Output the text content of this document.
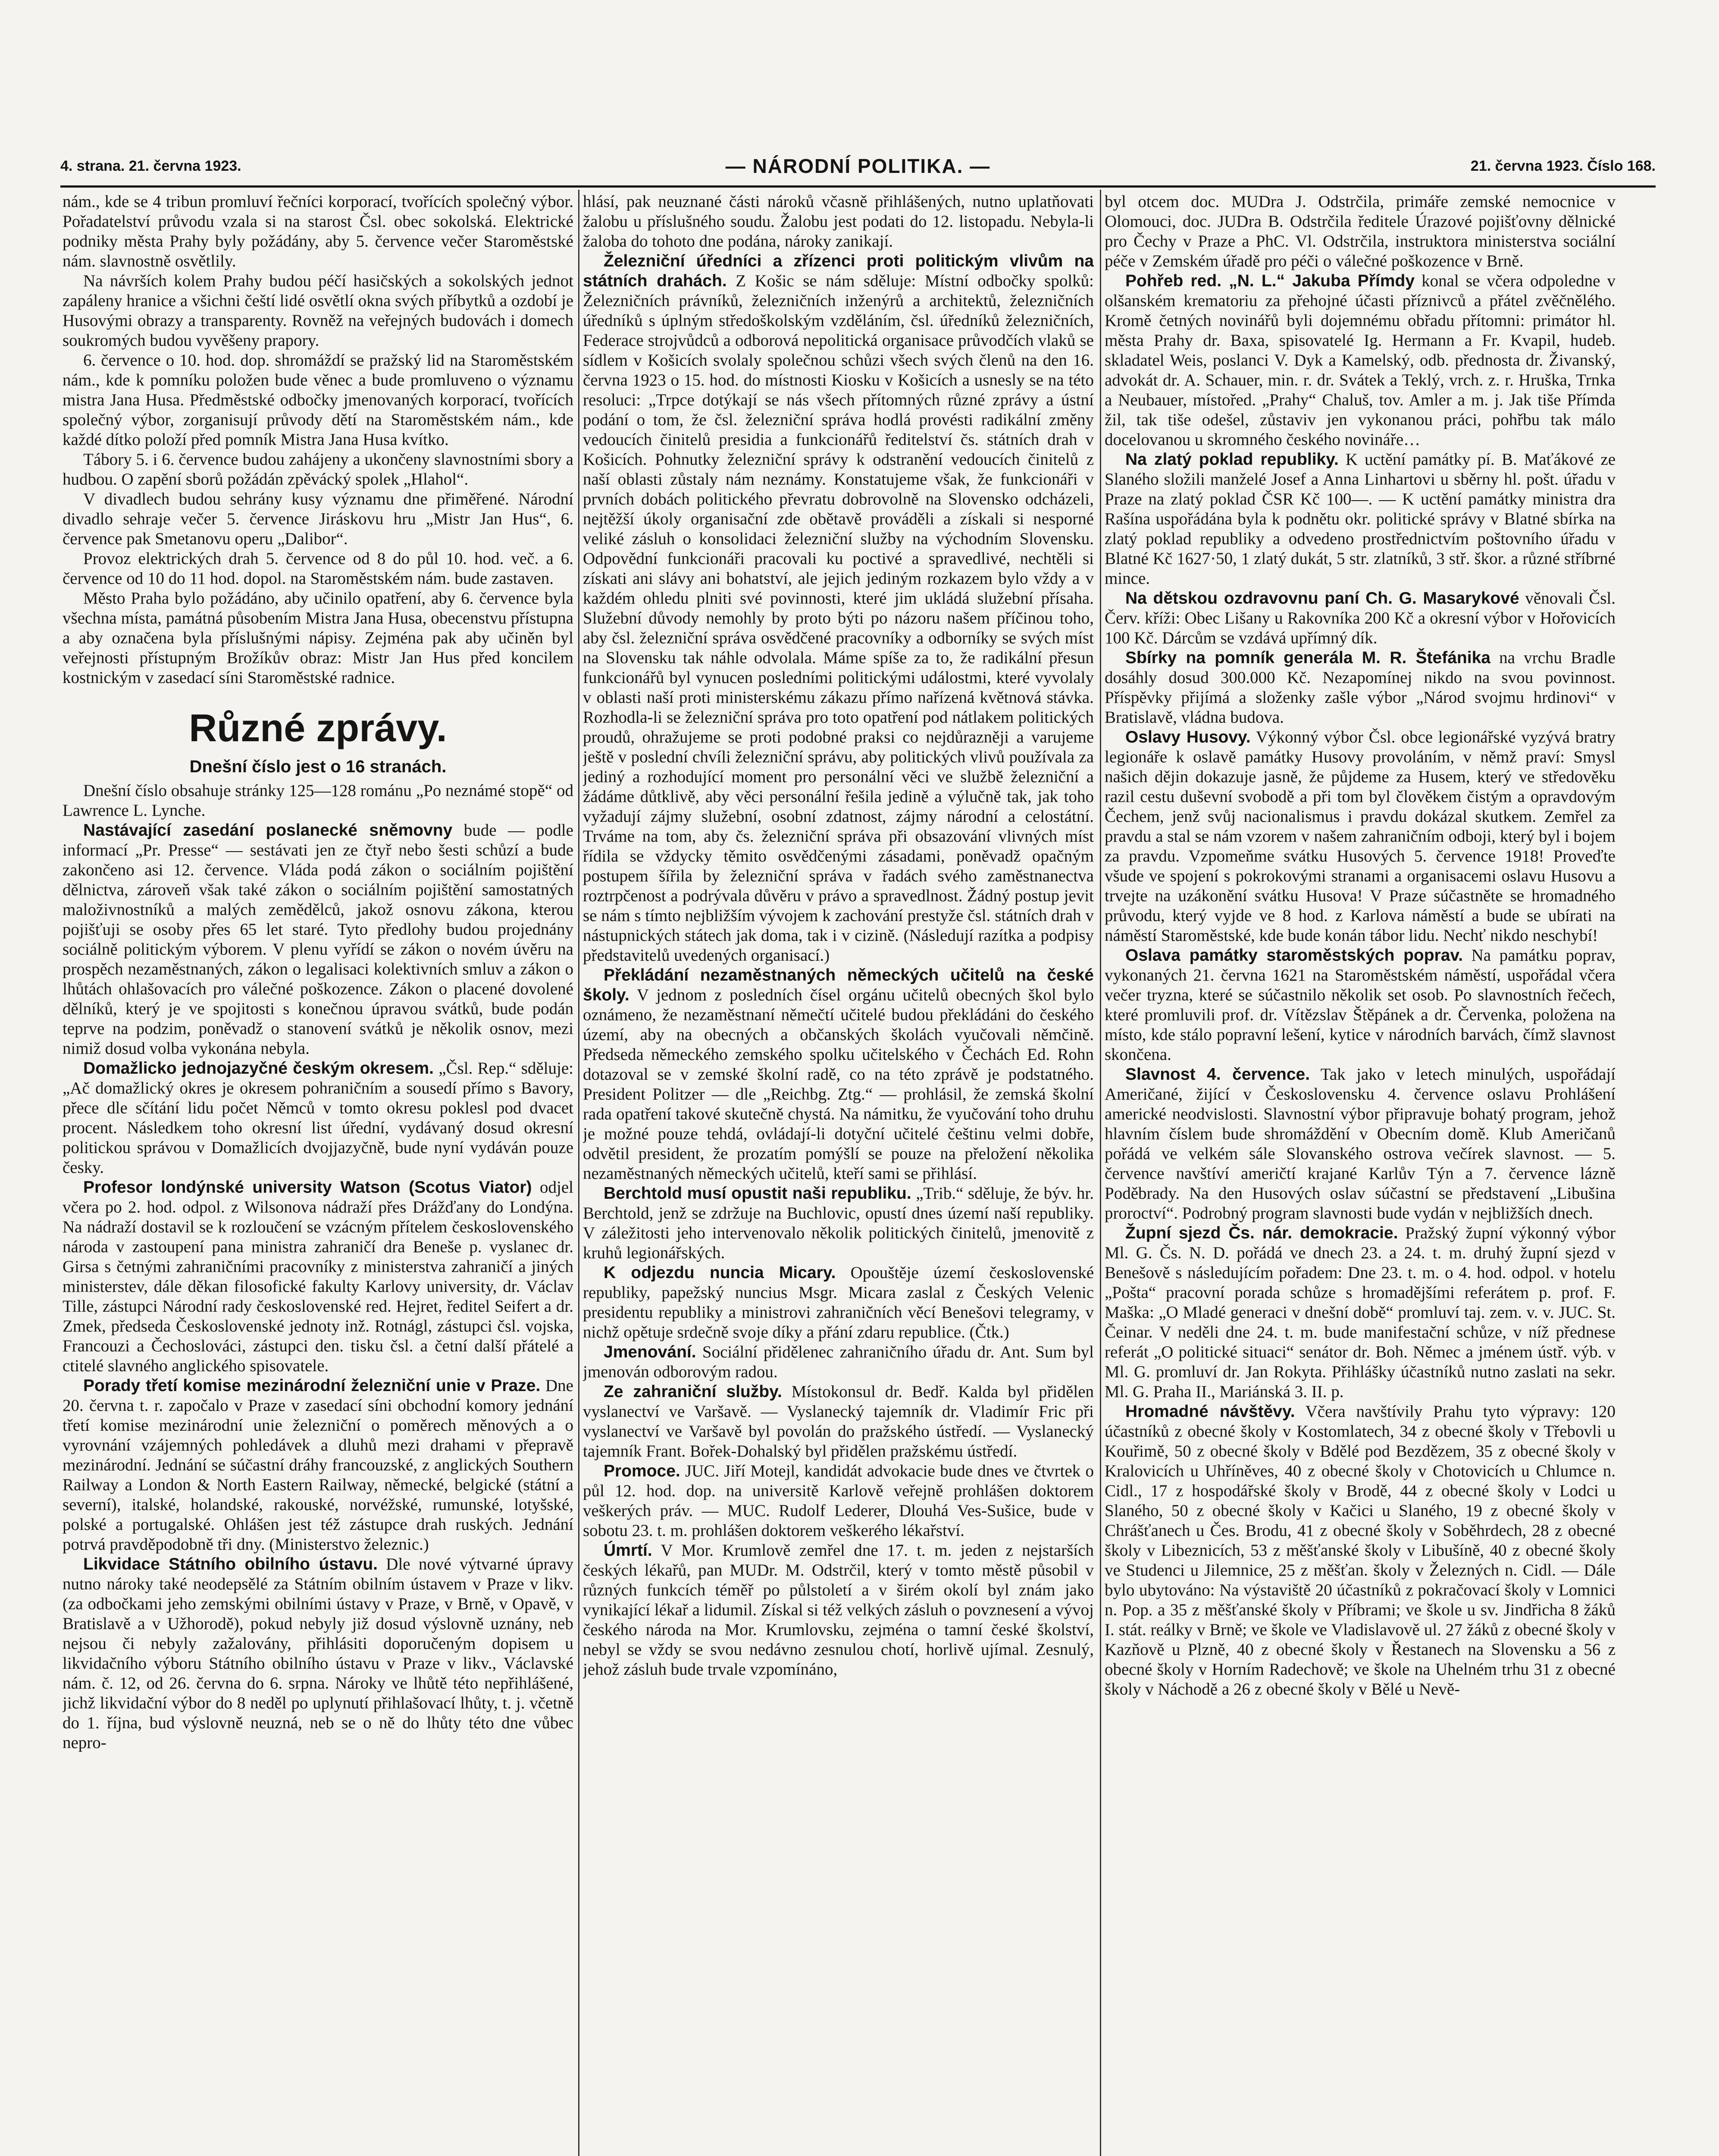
4. strana. 21. června 1923.	— NÁRODNÍ POLITIKA. —	21. června 1923. Číslo 168.

nám., kde se 4 tribun promluví řečníci korporací, tvořících společný výbor. Pořadatelství průvodu vzala si na starost Čsl. obec sokolská. Elektrické podniky města Prahy byly požádány, aby 5. července večer Staroměstské nám. slavnostně osvětlily.

Na návrších kolem Prahy budou péčí hasičských a sokolských jednot zapáleny hranice a všichni čeští lidé osvětlí okna svých příbytků a ozdobí je Husovými obrazy a transparenty. Rovněž na veřejných budovách i domech soukromých budou vyvěšeny prapory.

6. července o 10. hod. dop. shromáždí se pražský lid na Staroměstském nám., kde k pomníku položen bude věnec a bude promluveno o významu mistra Jana Husa. Předměstské odbočky jmenovaných korporací, tvořících společný výbor, zorganisují průvody dětí na Staroměstském nám., kde každé dítko položí před pomník Mistra Jana Husa kvítko.

Tábory 5. i 6. července budou zahájeny a ukončeny slavnostními sbory a hudbou. O zapění sborů požádán zpěvácký spolek „Hlahol“.

V divadlech budou sehrány kusy významu dne přiměřené. Národní divadlo sehraje večer 5. července Jiráskovu hru „Mistr Jan Hus“, 6. července pak Smetanovu operu „Dalibor“.

Provoz elektrických drah 5. července od 8 do půl 10. hod. več. a 6. července od 10 do 11 hod. dopol. na Staroměstském nám. bude zastaven.

Město Praha bylo požádáno, aby učinilo opatření, aby 6. července byla všechna místa, památná působením Mistra Jana Husa, obecenstvu přístupna a aby označena byla příslušnými nápisy. Zejména pak aby učiněn byl veřejnosti přístupným Brožíkův obraz: Mistr Jan Hus před koncilem kostnickým v zasedací síni Staroměstské radnice.

Různé zprávy.
Dnešní číslo jest o 16 stranách.

Dnešní číslo obsahuje stránky 125—128 románu „Po neznámé stopě“ od Lawrence L. Lynche.

Nastávající zasedání poslanecké sněmovny bude — podle informací „Pr. Presse“ — sestávati jen ze čtyř nebo šesti schůzí a bude zakončeno asi 12. července. Vláda podá zákon o sociálním pojištění dělnictva, zároveň však také zákon o sociálním pojištění samostatných maloživnostníků a malých zemědělců, jakož osnovu zákona, kterou pojišťuji se osoby přes 65 let staré. Tyto předlohy budou projednány sociálně politickým výborem. V plenu vyřídí se zákon o novém úvěru na prospěch nezaměstnaných, zákon o legalisaci kolektivních smluv a zákon o lhůtách ohlašovacích pro válečné poškozence. Zákon o placené dovolené dělníků, který je ve spojitosti s konečnou úpravou svátků, bude podán teprve na podzim, poněvadž o stanovení svátků je několik osnov, mezi nimiž dosud volba vykonána nebyla.

Domažlicko jednojazyčné českým okresem. „Čsl. Rep.“ sděluje: „Ač domažlický okres je okresem pohraničním a sousedí přímo s Bavory, přece dle sčítání lidu počet Němců v tomto okresu poklesl pod dvacet procent. Následkem toho okresní list úřední, vydávaný dosud okresní politickou správou v Domažlicích dvojjazyčně, bude nyní vydáván pouze česky.

Profesor londýnské university Watson (Scotus Viator) odjel včera po 2. hod. odpol. z Wilsonova nádraží přes Drážďany do Londýna. Na nádraží dostavil se k rozloučení se vzácným přítelem československého národa v zastoupení pana ministra zahraničí dra Beneše p. vyslanec dr. Girsa s četnými zahraničními pracovníky z ministerstva zahraničí a jiných ministerstev, dále děkan filosofické fakulty Karlovy university, dr. Václav Tille, zástupci Národní rady československé red. Hejret, ředitel Seifert a dr. Zmek, předseda Československé jednoty inž. Rotnágl, zástupci čsl. vojska, Francouzi a Čechoslováci, zástupci den. tisku čsl. a četní další přátelé a ctitelé slavného anglického spisovatele.

Porady třetí komise mezinárodní železniční unie v Praze. Dne 20. června t. r. započalo v Praze v zasedací síni obchodní komory jednání třetí komise mezinárodní unie železniční o poměrech měnových a o vyrovnání vzájemných pohledávek a dluhů mezi drahami v přepravě mezinárodní. Jednání se súčastní dráhy francouzské, z anglických Southern Railway a London & North Eastern Railway, německé, belgické (státní a severní), italské, holandské, rakouské, norvéžské, rumunské, lotyšské, polské a portugalské. Ohlášen jest též zástupce drah ruských. Jednání potrvá pravděpodobně tři dny. (Ministerstvo železnic.)

Likvidace Státního obilního ústavu. Dle nové výtvarné úpravy nutno nároky také neodepsělé za Státním obilním ústavem v Praze v likv. (za odbočkami jeho zemskými obilními ústavy v Praze, v Brně, v Opavě, v Bratislavě a v Užhorodě), pokud nebyly již dosud výslovně uznány, neb nejsou či nebyly zažalovány, přihlásiti doporučeným dopisem u likvidačního výboru Státního obilního ústavu v Praze v likv., Václavské nám. č. 12, od 26. června do 6. srpna. Nároky ve lhůtě této nepřihlášené, jichž likvidační výbor do 8 neděl po uplynutí přihlašovací lhůty, t. j. včetně do 1. října, bud výslovně neuzná, neb se o ně do lhůty této dne vůbec nepro-

hlásí, pak neuznané části nároků včasně přihlášených, nutno uplatňovati žalobu u příslušného soudu. Žalobu jest podati do 12. listopadu. Nebyla-li žaloba do tohoto dne podána, nároky zanikají.

Železniční úředníci a zřízenci proti politickým vlivům na státních drahách. Z Košic se nám sděluje: Místní odbočky spolků: Železničních právníků, železničních inženýrů a architektů, železničních úředníků s úplným středoškolským vzděláním, čsl. úředníků železničních, Federace strojvůdců a odborová nepolitická organisace průvodčích vlaků se sídlem v Košicích svolaly společnou schůzi všech svých členů na den 16. června 1923 o 15. hod. do místnosti Kiosku v Košicích a usnesly se na této resoluci: „Trpce dotýkají se nás všech přítomných různé zprávy a ústní podání o tom, že čsl. železniční správa hodlá provésti radikální změny vedoucích činitelů presidia a funkcionářů ředitelství čs. státních drah v Košicích. Pohnutky železniční správy k odstranění vedoucích činitelů z naší oblasti zůstaly nám neznámy. Konstatujeme však, že funkcionáři v prvních dobách politického převratu dobrovolně na Slovensko odcházeli, nejtěžší úkoly organisační zde obětavě prováděli a získali si nesporné veliké zásluh o konsolidaci železniční služby na východním Slovensku. Odpovědní funkcionáři pracovali ku poctivé a spravedlivé, nechtěli si získati ani slávy ani bohatství, ale jejich jediným rozkazem bylo vždy a v každém ohledu plniti své povinnosti, které jim ukládá služební přísaha. Služební důvody nemohly by proto býti po názoru našem příčinou toho, aby čsl. železniční správa osvědčené pracovníky a odborníky se svých míst na Slovensku tak náhle odvolala. Máme spíše za to, že radikální přesun funkcionářů byl vynucen posledními politickými událostmi, které vyvolaly v oblasti naší proti ministerskému zákazu přímo nařízená květnová stávka. Rozhodla-li se železniční správa pro toto opatření pod nátlakem politických proudů, ohražujeme se proti podobné praksi co nejdůrazněji a varujeme ještě v poslední chvíli železniční správu, aby politických vlivů používala za jediný a rozhodující moment pro personální věci ve službě železniční a žádáme důtklivě, aby věci personální řešila jedině a výlučně tak, jak toho vyžadují zájmy služební, osobní zdatnost, zájmy národní a celostátní. Trváme na tom, aby čs. železniční správa při obsazování vlivných míst řídila se vždycky těmito osvědčenými zásadami, poněvadž opačným postupem šířila by železniční správa v řadách svého zaměstnanectva roztrpčenost a podrývala důvěru v právo a spravedlnost. Žádný postup jevit se nám s tímto nejbližším vývojem k zachování prestyže čsl. státních drah v nástupnických státech jak doma, tak i v cizině. (Následují razítka a podpisy představitelů uvedených organisací.)

Překládání nezaměstnaných německých učitelů na české školy. V jednom z posledních čísel orgánu učitelů obecných škol bylo oznámeno, že nezaměstnaní němečtí učitelé budou překládáni do českého území, aby na obecných a občanských školách vyučovali němčině. Předseda německého zemského spolku učitelského v Čechách Ed. Rohn dotazoval se v zemské školní radě, co na této zprávě je podstatného. President Politzer — dle „Reichbg. Ztg.“ — prohlásil, že zemská školní rada opatření takové skutečně chystá. Na námitku, že vyučování toho druhu je možné pouze tehdá, ovládají-li dotyční učitelé češtinu velmi dobře, odvětil president, že prozatím pomýšlí se pouze na přeložení několika nezaměstnaných německých učitelů, kteří sami se přihlásí.

Berchtold musí opustit naši republiku. „Trib.“ sděluje, že býv. hr. Berchtold, jenž se zdržuje na Buchlovic, opustí dnes území naší republiky. V záležitosti jeho intervenovalo několik politických činitelů, jmenovitě z kruhů legionářských.

K odjezdu nuncia Micary. Opouštěje území československé republiky, papežský nuncius Msgr. Micara zaslal z Českých Velenic presidentu republiky a ministrovi zahraničních věcí Benešovi telegramy, v nichž opětuje srdečně svoje díky a přání zdaru republice. (Čtk.)

Jmenování. Sociální přidělenec zahraničního úřadu dr. Ant. Sum byl jmenován odborovým radou.

Ze zahraniční služby. Místokonsul dr. Bedř. Kalda byl přidělen vyslanectví ve Varšavě. — Vyslanecký tajemník dr. Vladimír Fric při vyslanectví ve Varšavě byl povolán do pražského ústředí. — Vyslanecký tajemník Frant. Bořek-Dohalský byl přidělen pražskému ústředí.

Promoce. JUC. Jiří Motejl, kandidát advokacie bude dnes ve čtvrtek o půl 12. hod. dop. na universitě Karlově veřejně prohlášen doktorem veškerých práv. — MUC. Rudolf Lederer, Dlouhá Ves-Sušice, bude v sobotu 23. t. m. prohlášen doktorem veškerého lékařství.

Úmrtí. V Mor. Krumlově zemřel dne 17. t. m. jeden z nejstarších českých lékařů, pan MUDr. M. Odstrčil, který v tomto městě působil v různých funkcích téměř po půlstoletí a v širém okolí byl znám jako vynikající lékař a lidumil. Získal si též velkých zásluh o povznesení a vývoj českého národa na Mor. Krumlovsku, zejména o tamní české školství, nebyl se vždy se svou nedávno zesnulou chotí, horlivě ujímal. Zesnulý, jehož zásluh bude trvale vzpomínáno,

byl otcem doc. MUDra J. Odstrčila, primáře zemské nemocnice v Olomouci, doc. JUDra B. Odstrčila ředitele Úrazové pojišťovny dělnické pro Čechy v Praze a PhC. Vl. Odstrčila, instruktora ministerstva sociální péče v Zemském úřadě pro péči o válečné poškozence v Brně.

Pohřeb red. „N. L.“ Jakuba Přímdy konal se včera odpoledne v olšanském krematoriu za přehojné účasti příznivců a přátel zvěčnělého. Kromě četných novinářů byli dojemnému obřadu přítomni: primátor hl. města Prahy dr. Baxa, spisovatelé Ig. Hermann a Fr. Kvapil, hudeb. skladatel Weis, poslanci V. Dyk a Kamelský, odb. přednosta dr. Živanský, advokát dr. A. Schauer, min. r. dr. Svátek a Teklý, vrch. z. r. Hruška, Trnka a Neubauer, místořed. „Prahy“ Chaluš, tov. Amler a m. j. Jak tiše Přímda žil, tak tiše odešel, zůstaviv jen vykonanou práci, pohřbu tak málo docelovanou u skromného českého novináře…

Na zlatý poklad republiky. K uctění památky pí. B. Maťákové ze Slaného složili manželé Josef a Anna Linhartovi u sběrny hl. pošt. úřadu v Praze na zlatý poklad ČSR Kč 100—. — K uctění památky ministra dra Rašína uspořádána byla k podnětu okr. politické správy v Blatné sbírka na zlatý poklad republiky a odvedeno prostřednictvím poštovního úřadu v Blatné Kč 1627·50, 1 zlatý dukát, 5 str. zlatníků, 3 stř. škor. a různé stříbrné mince.

Na dětskou ozdravovnu paní Ch. G. Masarykové věnovali Čsl. Červ. kříži: Obec Lišany u Rakovníka 200 Kč a okresní výbor v Hořovicích 100 Kč. Dárcům se vzdává upřímný dík.

Sbírky na pomník generála M. R. Štefánika na vrchu Bradle dosáhly dosud 300.000 Kč. Nezapomínej nikdo na svou povinnost. Příspěvky přijímá a složenky zašle výbor „Národ svojmu hrdinovi“ v Bratislavě, vládna budova.

Oslavy Husovy. Výkonný výbor Čsl. obce legionářské vyzývá bratry legionáře k oslavě památky Husovy provoláním, v němž praví: Smysl našich dějin dokazuje jasně, že půjdeme za Husem, který ve středověku razil cestu duševní svobodě a při tom byl člověkem čistým a opravdovým Čechem, jenž svůj nacionalismus i pravdu dokázal skutkem. Zemřel za pravdu a stal se nám vzorem v našem zahraničním odboji, který byl i bojem za pravdu. Vzpomeňme svátku Husových 5. července 1918! Proveďte všude ve spojení s pokrokovými stranami a organisacemi oslavu Husovu a trvejte na uzákonění svátku Husova! V Praze súčastněte se hromadného průvodu, který vyjde ve 8 hod. z Karlova náměstí a bude se ubírati na náměstí Staroměstské, kde bude konán tábor lidu. Nechť nikdo neschybí!

Oslava památky staroměstských poprav. Na památku poprav, vykonaných 21. června 1621 na Staroměstském náměstí, uspořádal včera večer tryzna, které se súčastnilo několik set osob. Po slavnostních řečech, které promluvili prof. dr. Vítězslav Štěpánek a dr. Červenka, položena na místo, kde stálo popravní lešení, kytice v národních barvách, čímž slavnost skončena.

Slavnost 4. července. Tak jako v letech minulých, uspořádají Američané, žijící v Československu 4. července oslavu Prohlášení americké neodvislosti. Slavnostní výbor připravuje bohatý program, jehož hlavním číslem bude shromáždění v Obecním domě. Klub Američanů pořádá ve velkém sále Slovanského ostrova večírek slavnost. — 5. července navštíví američtí krajané Karlův Týn a 7. července lázně Poděbrady. Na den Husových oslav súčastní se představení „Libušina proroctví“. Podrobný program slavnosti bude vydán v nejbližších dnech.

Župní sjezd Čs. nár. demokracie. Pražský župní výkonný výbor Ml. G. Čs. N. D. pořádá ve dnech 23. a 24. t. m. druhý župní sjezd v Benešově s následujícím pořadem: Dne 23. t. m. o 4. hod. odpol. v hotelu „Pošta“ pracovní porada schůze s hromadějšími referátem p. prof. F. Maška: „O Mladé generaci v dnešní době“ promluví taj. zem. v. v. JUC. St. Čeinar. V neděli dne 24. t. m. bude manifestační schůze, v níž přednese referát „O politické situaci“ senátor dr. Boh. Němec a jménem ústř. výb. v Ml. G. promluví dr. Jan Rokyta. Přihlášky účastníků nutno zaslati na sekr. Ml. G. Praha II., Mariánská 3. II. p.

Hromadné návštěvy. Včera navštívily Prahu tyto výpravy: 120 účastníků z obecné školy v Kostomlatech, 34 z obecné školy v Třebovli u Kouřimě, 50 z obecné školy v Bdělé pod Bezdězem, 35 z obecné školy v Kralovicích u Uhříněves, 40 z obecné školy v Chotovicích u Chlumce n. Cidl., 17 z hospodářské školy v Brodě, 44 z obecné školy v Lodci u Slaného, 50 z obecné školy v Kačici u Slaného, 19 z obecné školy v Chrášťanech u Čes. Brodu, 41 z obecné školy v Soběhrdech, 28 z obecné školy v Libeznicích, 53 z měšťanské školy v Libušíně, 40 z obecné školy ve Studenci u Jilemnice, 25 z měšťan. školy v Železných n. Cidl. — Dále bylo ubytováno: Na výstaviště 20 účastníků z pokračovací školy v Lomnici n. Pop. a 35 z měšťanské školy v Příbrami; ve škole u sv. Jindřicha 8 žáků I. stát. reálky v Brně; ve škole ve Vladislavově ul. 27 žáků z obecné školy v Kazňově u Plzně, 40 z obecné školy v Řestanech na Slovensku a 56 z obecné školy v Horním Radechově; ve škole na Uhelném trhu 31 z obecné školy v Náchodě a 26 z obecné školy v Bělé u Nevě-
